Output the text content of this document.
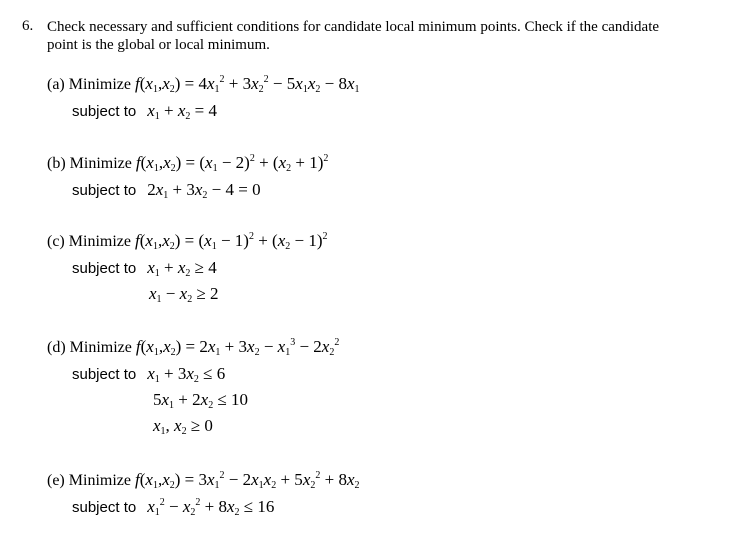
6. Check necessary and sufficient conditions for candidate local minimum points. Check if the candidate
point is the global or local minimum.
(a) Minimize $f(x_1,x_2) = 4x_1^2 + 3x_2^2 - 5x_1x_2 - 8x_1$
subject to $x_1 + x_2 = 4$
(b) Minimize $f(x_1,x_2) = (x_1 - 2)^2 + (x_2 + 1)^2$
subject to $2x_1 + 3x_2 - 4 = 0$
(c) Minimize $f(x_1,x_2) = (x_1 - 1)^2 + (x_2 - 1)^2$
subject to $x_1 + x_2 \ge 4$
$x_1 - x_2 \ge 2$
(d) Minimize $f(x_1,x_2) = 2x_1 + 3x_2 - x_1^3 - 2x_2^2$
subject to $x_1 + 3x_2 \le 6$
$5x_1 + 2x_2 \le 10$
$x_1$, $x_2 \ge 0$
(e) Minimize $f(x_1,x_2) = 3x_1^2 - 2x_1x_2 + 5x_2^2 + 8x_2$
subject to $x_1^2 - x_2^2 + 8x_2 \le 16$
